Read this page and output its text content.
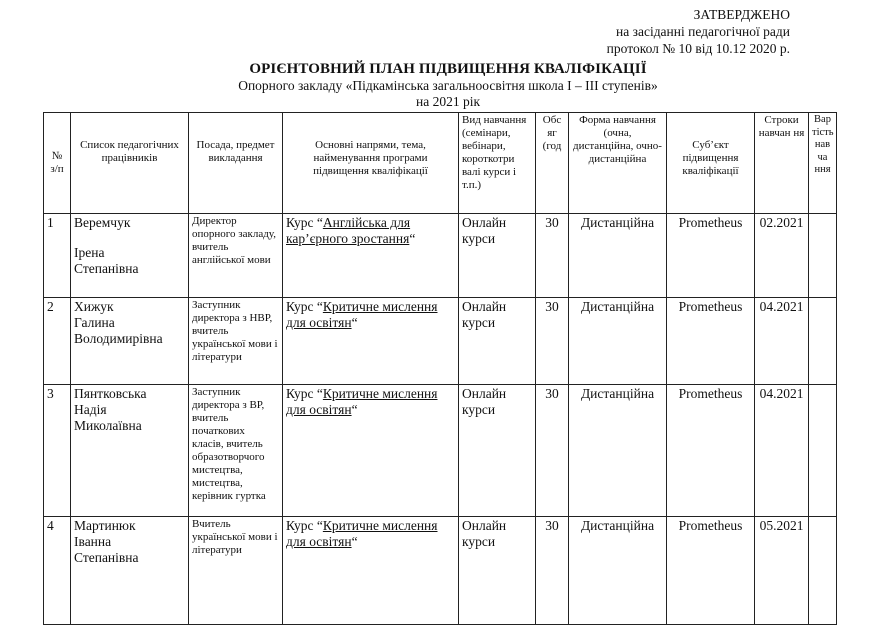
ЗАТВЕРДЖЕНО
на засіданні педагогічної ради
протокол № 10 від 10.12 2020 р.
ОРІЄНТОВНИЙ ПЛАН ПІДВИЩЕННЯ КВАЛІФІКАЦІЇ
Опорного закладу «Підкамінська загальноосвітня школа І – ІІІ ступенів»
на 2021 рік
№ з/п	Список педагогічних працівників	Посада, предмет викладання	Основні напрями, тема, найменування програми підвищення кваліфікації	Вид навчання (семінари, вебінари, короткотри валі курси і т.п.)	Обс яг (год	Форма навчання (очна, дистанційна, очно-дистанційна	Суб’єкт підвищення кваліфікації	Строки навчан ня	Вар тість нав ча ння
1	Веремчук
Ірена
Степанівна	Директор опорного закладу, вчитель англійської мови	Курс “Англійська для кар’єрного зростання“	Онлайн курси	30	Дистанційна	Prometheus	02.2021	
2	Хижук
Галина
Володимирівна	Заступник директора з НВР, вчитель української мови і літератури	Курс “Критичне мислення для освітян“	Онлайн курси	30	Дистанційна	Prometheus	04.2021	
3	Пянтковська
Надія
Миколаївна	Заступник директора з ВР, вчитель початкових класів, вчитель образотворчого мистецтва, мистецтва, керівник гуртка	Курс “Критичне мислення для освітян“	Онлайн курси	30	Дистанційна	Prometheus	04.2021	
4	Мартинюк
Іванна
Степанівна	Вчитель української мови і літератури	Курс “Критичне мислення для освітян“	Онлайн курси	30	Дистанційна	Prometheus	05.2021	
